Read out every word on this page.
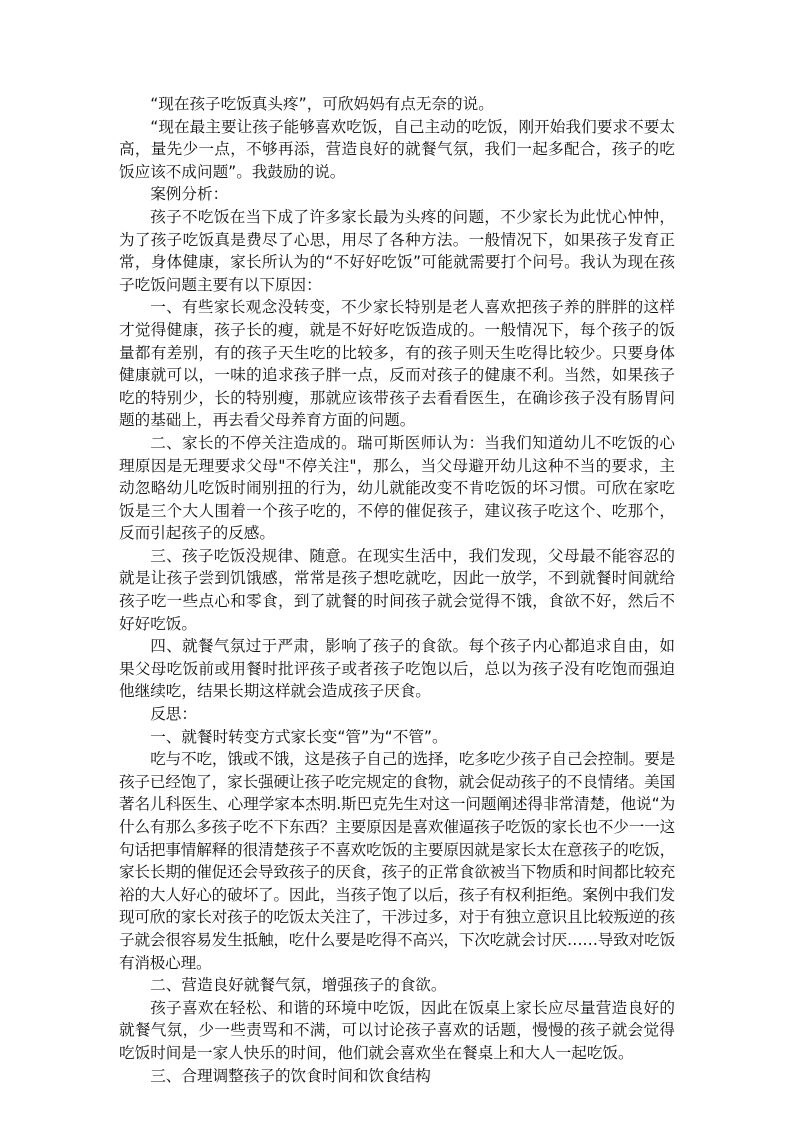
“现在孩子吃饭真头疼”，可欣妈妈有点无奈的说。

“现在最主要让孩子能够喜欢吃饭，自己主动的吃饭，刚开始我们要求不要太高，量先少一点，不够再添，营造良好的就餐气氛，我们一起多配合，孩子的吃饭应该不成问题”。我鼓励的说。

案例分析：

孩子不吃饭在当下成了许多家长最为头疼的问题，不少家长为此忧心忡忡，为了孩子吃饭真是费尽了心思，用尽了各种方法。一般情况下，如果孩子发育正常，身体健康，家长所认为的“不好好吃饭”可能就需要打个问号。我认为现在孩子吃饭问题主要有以下原因：

一、有些家长观念没转变，不少家长特别是老人喜欢把孩子养的胖胖的这样才觉得健康，孩子长的瘦，就是不好好吃饭造成的。一般情况下，每个孩子的饭量都有差别，有的孩子天生吃的比较多，有的孩子则天生吃得比较少。只要身体健康就可以，一味的追求孩子胖一点，反而对孩子的健康不利。当然，如果孩子吃的特别少，长的特别瘦，那就应该带孩子去看看医生，在确诊孩子没有肠胃问题的基础上，再去看父母养育方面的问题。

二、家长的不停关注造成的。瑞可斯医师认为：当我们知道幼儿不吃饭的心理原因是无理要求父母"不停关注"，那么，当父母避开幼儿这种不当的要求，主动忽略幼儿吃饭时闹别扭的行为，幼儿就能改变不肯吃饭的坏习惯。可欣在家吃饭是三个大人围着一个孩子吃的，不停的催促孩子，建议孩子吃这个、吃那个，反而引起孩子的反感。

三、孩子吃饭没规律、随意。在现实生活中，我们发现，父母最不能容忍的就是让孩子尝到饥饿感，常常是孩子想吃就吃，因此一放学，不到就餐时间就给孩子吃一些点心和零食，到了就餐的时间孩子就会觉得不饿，食欲不好，然后不好好吃饭。

四、就餐气氛过于严肃，影响了孩子的食欲。每个孩子内心都追求自由，如果父母吃饭前或用餐时批评孩子或者孩子吃饱以后，总以为孩子没有吃饱而强迫他继续吃，结果长期这样就会造成孩子厌食。

反思：

一、就餐时转变方式家长变“管”为“不管”。

吃与不吃，饿或不饿，这是孩子自己的选择，吃多吃少孩子自己会控制。要是孩子已经饱了，家长强硬让孩子吃完规定的食物，就会促动孩子的不良情绪。美国著名儿科医生、心理学家本杰明.斯巴克先生对这一问题阐述得非常清楚，他说“为什么有那么多孩子吃不下东西？主要原因是喜欢催逼孩子吃饭的家长也不少一一这句话把事情解释的很清楚孩子不喜欢吃饭的主要原因就是家长太在意孩子的吃饭，家长长期的催促还会导致孩子的厌食，孩子的正常食欲被当下物质和时间都比较充裕的大人好心的破坏了。因此，当孩子饱了以后，孩子有权利拒绝。案例中我们发现可欣的家长对孩子的吃饭太关注了，干涉过多，对于有独立意识且比较叛逆的孩子就会很容易发生抵触，吃什么要是吃得不高兴，下次吃就会讨厌……导致对吃饭有消极心理。

二、营造良好就餐气氛，增强孩子的食欲。

孩子喜欢在轻松、和谐的环境中吃饭，因此在饭桌上家长应尽量营造良好的就餐气氛，少一些责骂和不满，可以讨论孩子喜欢的话题，慢慢的孩子就会觉得吃饭时间是一家人快乐的时间，他们就会喜欢坐在餐桌上和大人一起吃饭。

三、合理调整孩子的饮食时间和饮食结构
